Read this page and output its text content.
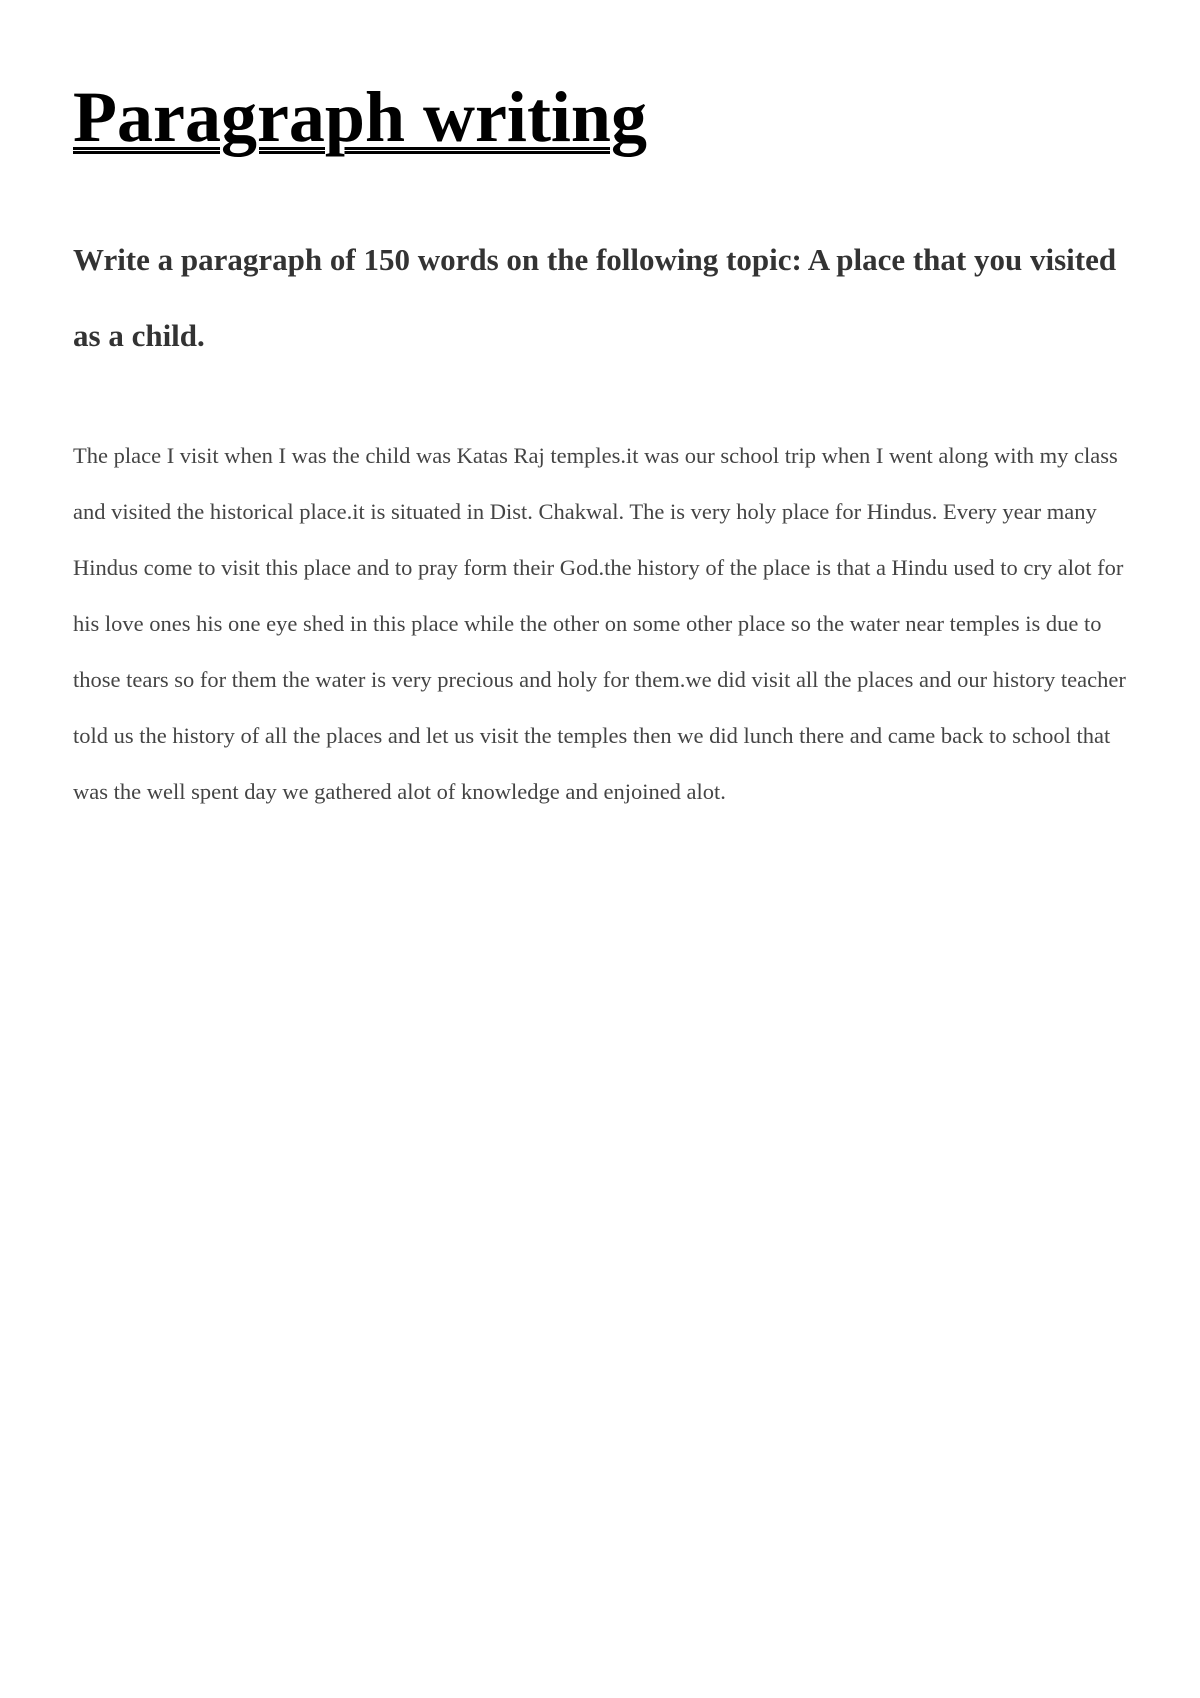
Paragraph writing

Write a paragraph of 150 words on the following topic: A place that you visited as a child.

The place I visit when I was the child was Katas Raj temples.it was our school trip when I went along with my class and visited the historical place.it is situated in Dist. Chakwal. The is very holy place for Hindus. Every year many Hindus come to visit this place and to pray form their God.the history of the place is that a Hindu used to cry alot for his love ones his one eye shed in this place while the other on some other place so the water near temples is due to those tears so for them the water is very precious and holy for them.we did visit all the places and our history teacher told us the history of all the places and let us visit the temples then we did lunch there and came back to school that was the well spent day we gathered alot of knowledge and enjoined alot.
